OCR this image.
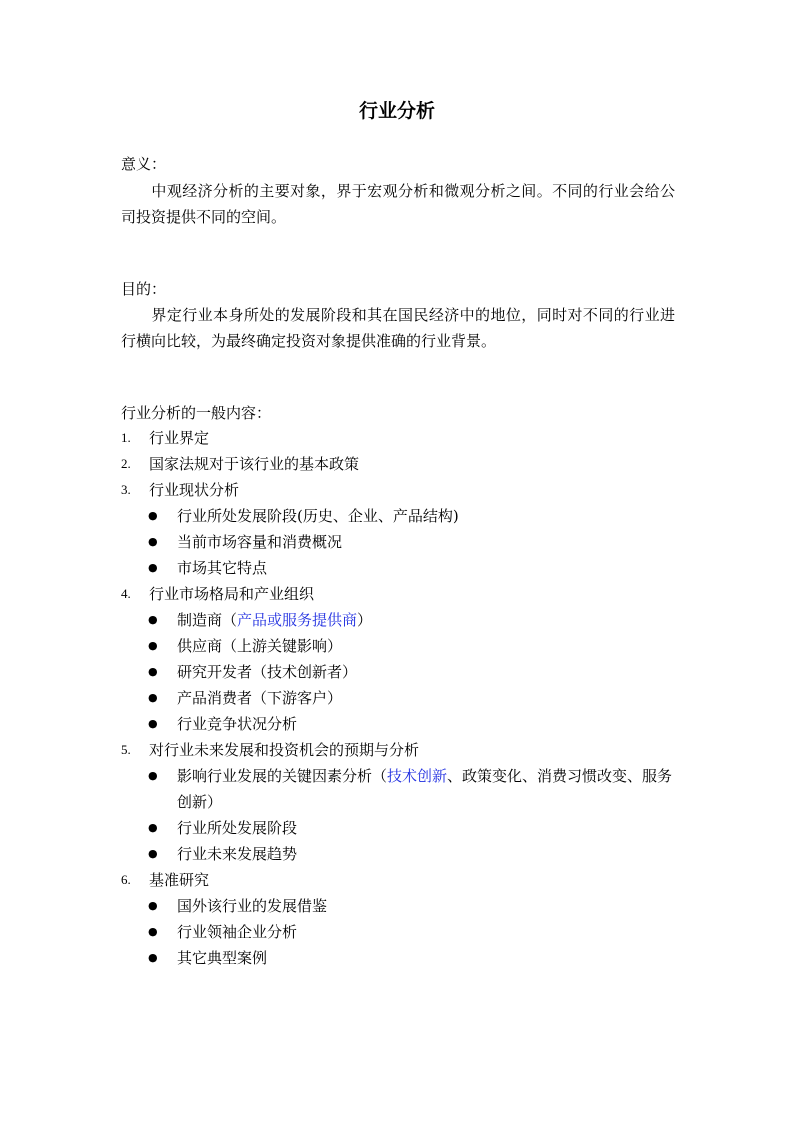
行业分析
意义：
中观经济分析的主要对象，界于宏观分析和微观分析之间。不同的行业会给公司投资提供不同的空间。
目的：
界定行业本身所处的发展阶段和其在国民经济中的地位，同时对不同的行业进行横向比较，为最终确定投资对象提供准确的行业背景。
行业分析的一般内容：
1. 行业界定
2. 国家法规对于该行业的基本政策
3. 行业现状分析
● 行业所处发展阶段(历史、企业、产品结构)
● 当前市场容量和消费概况
● 市场其它特点
4. 行业市场格局和产业组织
● 制造商（产品或服务提供商）
● 供应商（上游关键影响）
● 研究开发者（技术创新者）
● 产品消费者（下游客户）
● 行业竞争状况分析
5. 对行业未来发展和投资机会的预期与分析
● 影响行业发展的关键因素分析（技术创新、政策变化、消费习惯改变、服务创新）
● 行业所处发展阶段
● 行业未来发展趋势
6. 基准研究
● 国外该行业的发展借鉴
● 行业领袖企业分析
● 其它典型案例
